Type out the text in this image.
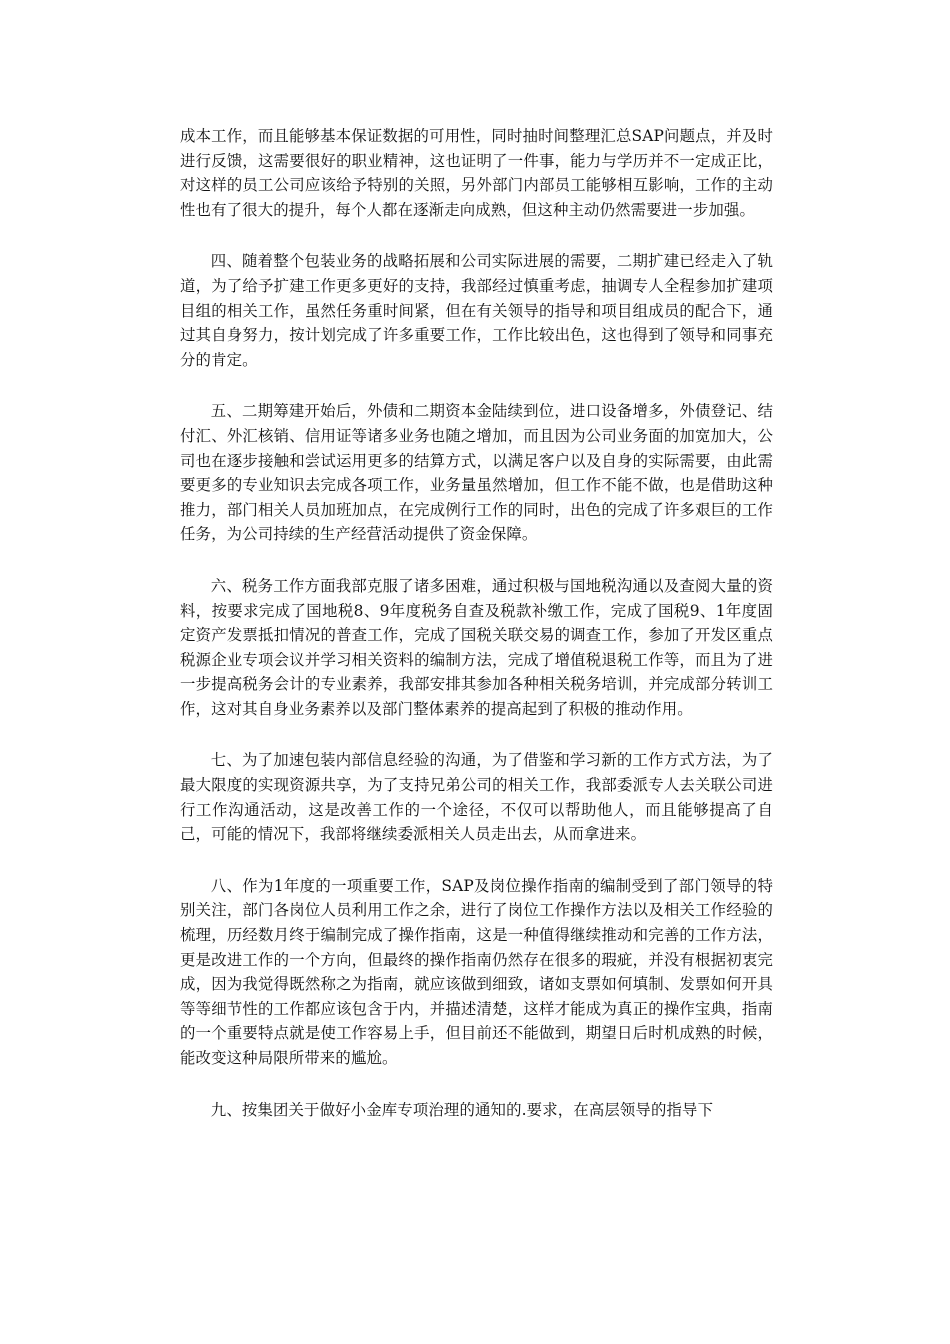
成本工作，而且能够基本保证数据的可用性，同时抽时间整理汇总SAP问题点，并及时进行反馈，这需要很好的职业精神，这也证明了一件事，能力与学历并不一定成正比，对这样的员工公司应该给予特别的关照，另外部门内部员工能够相互影响，工作的主动性也有了很大的提升，每个人都在逐渐走向成熟，但这种主动仍然需要进一步加强。

四、随着整个包装业务的战略拓展和公司实际进展的需要，二期扩建已经走入了轨道，为了给予扩建工作更多更好的支持，我部经过慎重考虑，抽调专人全程参加扩建项目组的相关工作，虽然任务重时间紧，但在有关领导的指导和项目组成员的配合下，通过其自身努力，按计划完成了许多重要工作，工作比较出色，这也得到了领导和同事充分的肯定。

五、二期筹建开始后，外债和二期资本金陆续到位，进口设备增多，外债登记、结付汇、外汇核销、信用证等诸多业务也随之增加，而且因为公司业务面的加宽加大，公司也在逐步接触和尝试运用更多的结算方式，以满足客户以及自身的实际需要，由此需要更多的专业知识去完成各项工作，业务量虽然增加，但工作不能不做，也是借助这种推力，部门相关人员加班加点，在完成例行工作的同时，出色的完成了许多艰巨的工作任务，为公司持续的生产经营活动提供了资金保障。

六、税务工作方面我部克服了诸多困难，通过积极与国地税沟通以及查阅大量的资料，按要求完成了国地税8、9年度税务自查及税款补缴工作，完成了国税9、1年度固定资产发票抵扣情况的普查工作，完成了国税关联交易的调查工作，参加了开发区重点税源企业专项会议并学习相关资料的编制方法，完成了增值税退税工作等，而且为了进一步提高税务会计的专业素养，我部安排其参加各种相关税务培训，并完成部分转训工作，这对其自身业务素养以及部门整体素养的提高起到了积极的推动作用。

七、为了加速包装内部信息经验的沟通，为了借鉴和学习新的工作方式方法，为了最大限度的实现资源共享，为了支持兄弟公司的相关工作，我部委派专人去关联公司进行工作沟通活动，这是改善工作的一个途径，不仅可以帮助他人，而且能够提高了自己，可能的情况下，我部将继续委派相关人员走出去，从而拿进来。

八、作为1年度的一项重要工作，SAP及岗位操作指南的编制受到了部门领导的特别关注，部门各岗位人员利用工作之余，进行了岗位工作操作方法以及相关工作经验的梳理，历经数月终于编制完成了操作指南，这是一种值得继续推动和完善的工作方法，更是改进工作的一个方向，但最终的操作指南仍然存在很多的瑕疵，并没有根据初衷完成，因为我觉得既然称之为指南，就应该做到细致，诸如支票如何填制、发票如何开具等等细节性的工作都应该包含于内，并描述清楚，这样才能成为真正的操作宝典，指南的一个重要特点就是使工作容易上手，但目前还不能做到，期望日后时机成熟的时候，能改变这种局限所带来的尴尬。

九、按集团关于做好小金库专项治理的通知的.要求，在高层领导的指导下
